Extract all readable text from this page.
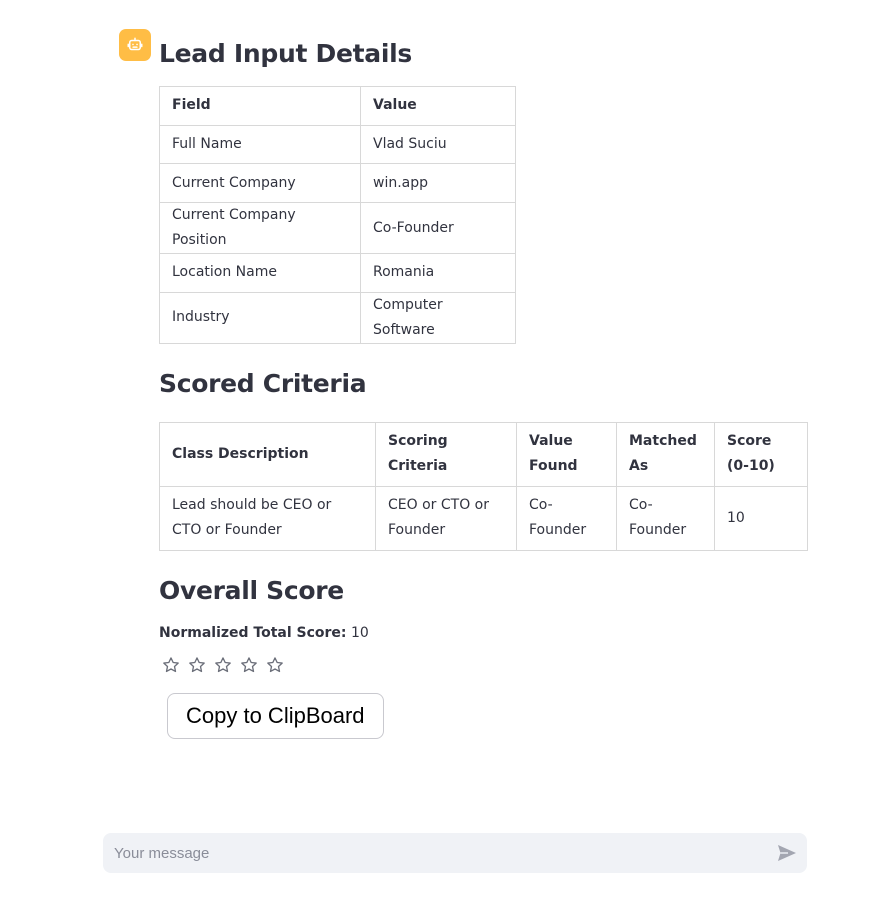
Lead Input Details
Field	Value
Full Name	Vlad Suciu
Current Company	win.app
Current Company Position	Co-Founder
Location Name	Romania
Industry	Computer Software
Scored Criteria
Class Description	Scoring Criteria	Value Found	Matched As	Score (0-10)
Lead should be CEO or CTO or Founder	CEO or CTO or Founder	Co-Founder	Co-Founder	10
Overall Score
Normalized Total Score: 10
Copy to ClipBoard
Your message
